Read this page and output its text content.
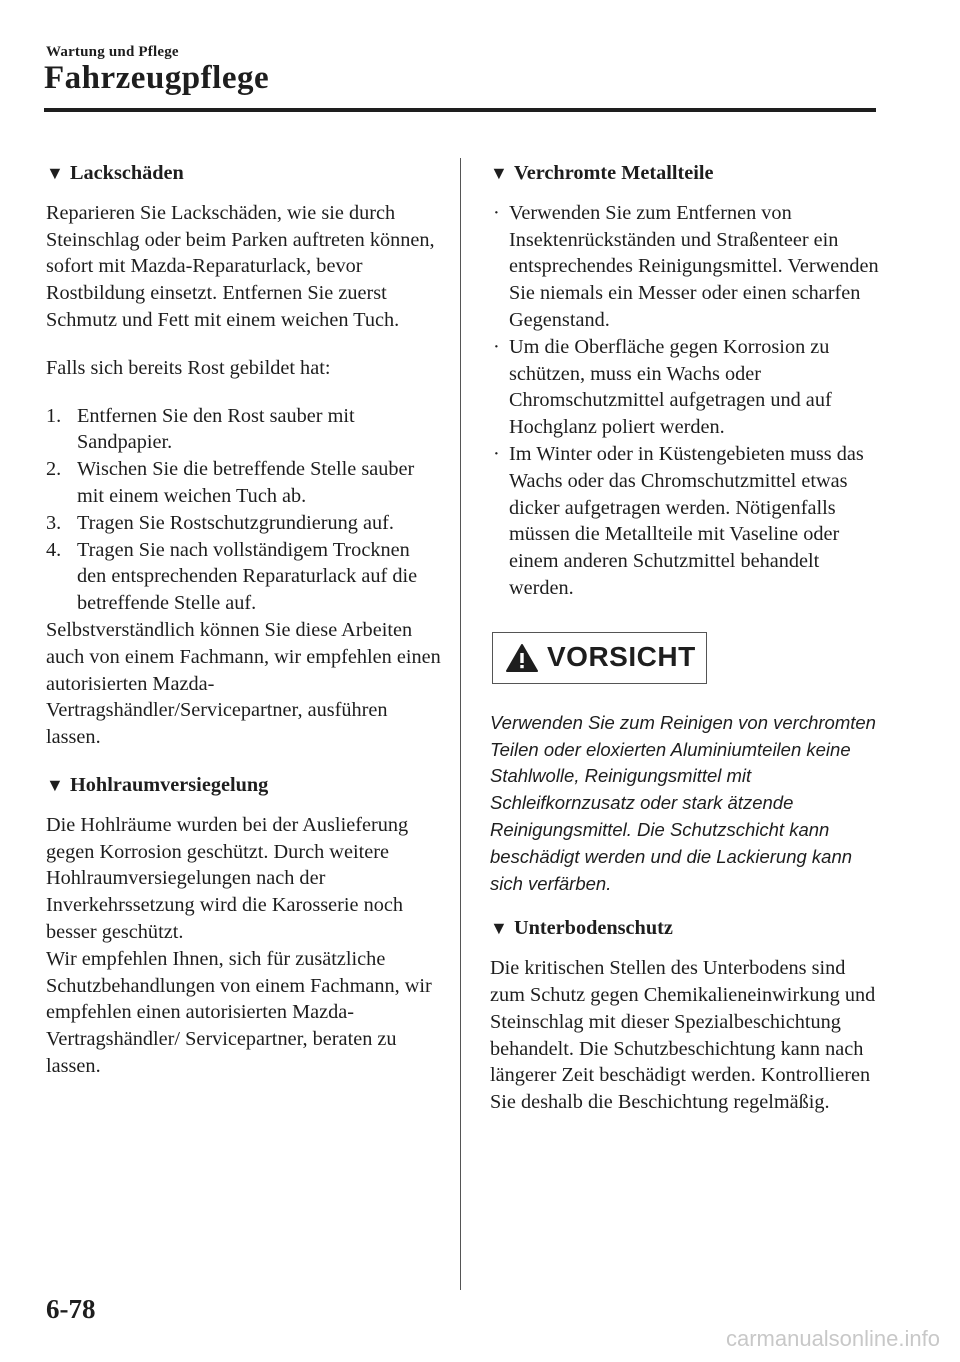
Wartung und Pflege
Fahrzeugpflege
▼ Lackschäden
Reparieren Sie Lackschäden, wie sie durch Steinschlag oder beim Parken auftreten können, sofort mit Mazda-Reparaturlack, bevor Rostbildung einsetzt. Entfernen Sie zuerst Schmutz und Fett mit einem weichen Tuch.
Falls sich bereits Rost gebildet hat:
1. Entfernen Sie den Rost sauber mit Sandpapier.
2. Wischen Sie die betreffende Stelle sauber mit einem weichen Tuch ab.
3. Tragen Sie Rostschutzgrundierung auf.
4. Tragen Sie nach vollständigem Trocknen den entsprechenden Reparaturlack auf die betreffende Stelle auf.
Selbstverständlich können Sie diese Arbeiten auch von einem Fachmann, wir empfehlen einen autorisierten Mazda-Vertragshändler/Servicepartner, ausführen lassen.
▼ Hohlraumversiegelung
Die Hohlräume wurden bei der Auslieferung gegen Korrosion geschützt. Durch weitere Hohlraumversiegelungen nach der Inverkehrssetzung wird die Karosserie noch besser geschützt.
Wir empfehlen Ihnen, sich für zusätzliche Schutzbehandlungen von einem Fachmann, wir empfehlen einen autorisierten Mazda-Vertragshändler/ Servicepartner, beraten zu lassen.
▼ Verchromte Metallteile
· Verwenden Sie zum Entfernen von Insektenrückständen und Straßenteer ein entsprechendes Reinigungsmittel. Verwenden Sie niemals ein Messer oder einen scharfen Gegenstand.
· Um die Oberfläche gegen Korrosion zu schützen, muss ein Wachs oder Chromschutzmittel aufgetragen und auf Hochglanz poliert werden.
· Im Winter oder in Küstengebieten muss das Wachs oder das Chromschutzmittel etwas dicker aufgetragen werden. Nötigenfalls müssen die Metallteile mit Vaseline oder einem anderen Schutzmittel behandelt werden.
VORSICHT
Verwenden Sie zum Reinigen von verchromten Teilen oder eloxierten Aluminiumteilen keine Stahlwolle, Reinigungsmittel mit Schleifkornzusatz oder stark ätzende Reinigungsmittel. Die Schutzschicht kann beschädigt werden und die Lackierung kann sich verfärben.
▼ Unterbodenschutz
Die kritischen Stellen des Unterbodens sind zum Schutz gegen Chemikalieneinwirkung und Steinschlag mit dieser Spezialbeschichtung behandelt. Die Schutzbeschichtung kann nach längerer Zeit beschädigt werden. Kontrollieren Sie deshalb die Beschichtung regelmäßig.
6-78
carmanualsonline.info
